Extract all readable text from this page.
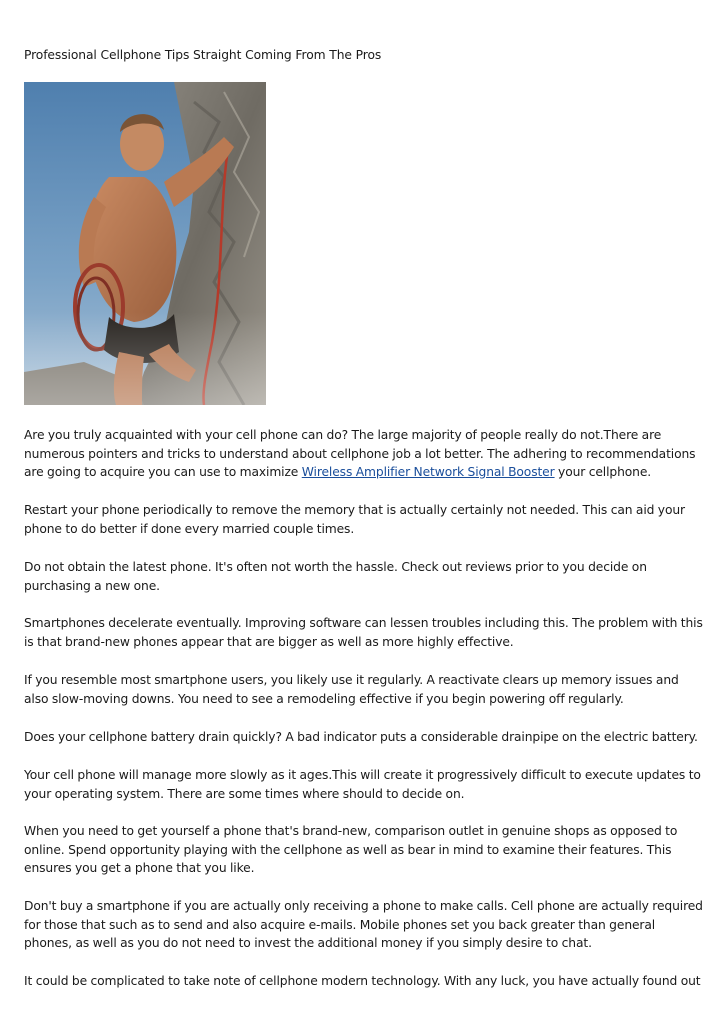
Professional Cellphone Tips Straight Coming From The Pros

Are you truly acquainted with your cell phone can do? The large majority of people really do not.There are numerous pointers and tricks to understand about cellphone job a lot better. The adhering to recommendations are going to acquire you can use to maximize Wireless Amplifier Network Signal Booster your cellphone.

Restart your phone periodically to remove the memory that is actually certainly not needed. This can aid your phone to do better if done every married couple times.

Do not obtain the latest phone. It's often not worth the hassle. Check out reviews prior to you decide on purchasing a new one.

Smartphones decelerate eventually. Improving software can lessen troubles including this. The problem with this is that brand-new phones appear that are bigger as well as more highly effective.

If you resemble most smartphone users, you likely use it regularly. A reactivate clears up memory issues and also slow-moving downs. You need to see a remodeling effective if you begin powering off regularly.

Does your cellphone battery drain quickly? A bad indicator puts a considerable drainpipe on the electric battery.

Your cell phone will manage more slowly as it ages.This will create it progressively difficult to execute updates to your operating system. There are some times where should to decide on.

When you need to get yourself a phone that's brand-new, comparison outlet in genuine shops as opposed to online. Spend opportunity playing with the cellphone as well as bear in mind to examine their features. This ensures you get a phone that you like.

Don't buy a smartphone if you are actually only receiving a phone to make calls. Cell phone are actually required for those that such as to send and also acquire e-mails. Mobile phones set you back greater than general phones, as well as you do not need to invest the additional money if you simply desire to chat.

It could be complicated to take note of cellphone modern technology. With any luck, you have actually found out
